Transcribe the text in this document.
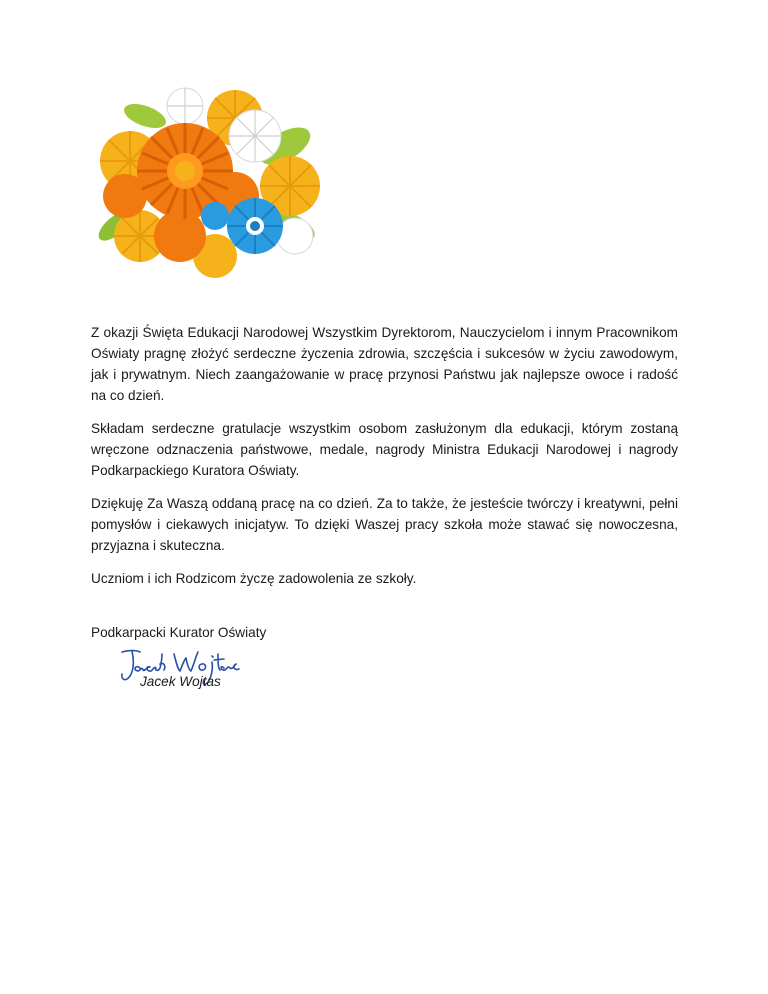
Z okazji Święta Edukacji Narodowej Wszystkim Dyrektorom, Nauczycielom i innym Pracownikom Oświaty pragnę złożyć serdeczne życzenia zdrowia, szczęścia i sukcesów w życiu zawodowym, jak i prywatnym. Niech zaangażowanie w pracę przynosi Państwu jak najlepsze owoce i radość na co dzień.

Składam serdeczne gratulacje wszystkim osobom zasłużonym dla edukacji, którym zostaną wręczone odznaczenia państwowe, medale, nagrody Ministra Edukacji Narodowej i nagrody Podkarpackiego Kuratora Oświaty.

Dziękuję Za Waszą oddaną pracę na co dzień. Za to także, że jesteście twórczy i kreatywni, pełni pomysłów i ciekawych inicjatyw. To dzięki Waszej pracy szkoła może stawać się nowoczesna, przyjazna i skuteczna.

Uczniom i ich Rodzicom życzę zadowolenia ze szkoły.

Podkarpacki Kurator Oświaty
Jacek Wojtas
